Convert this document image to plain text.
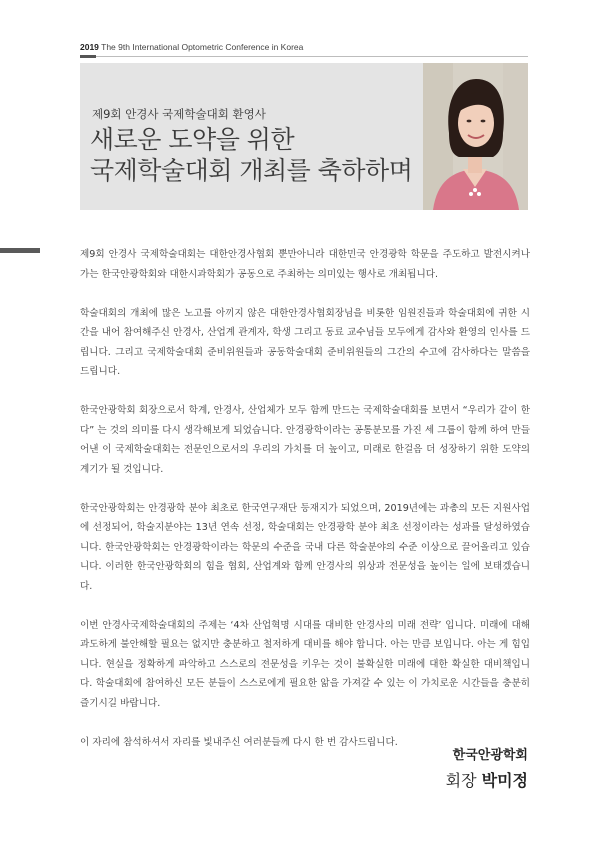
2019 The 9th International Optometric Conference in Korea
제9회 안경사 국제학술대회 환영사
새로운 도약을 위한
국제학술대회 개최를 축하하며

제9회 안경사 국제학술대회는 대한안경사협회 뿐만아니라 대한민국 안경광학 학문을 주도하고 발전시켜나가는 한국안광학회와 대한시과학회가 공동으로 주최하는 의미있는 행사로 개최됩니다.

학술대회의 개최에 많은 노고를 아끼지 않은 대한안경사협회장님을 비롯한 임원진들과 학술대회에 귀한 시간을 내어 참여해주신 안경사, 산업계 관계자, 학생 그리고 동료 교수님들 모두에게 감사와 환영의 인사를 드립니다. 그리고 국제학술대회 준비위원들과 공동학술대회 준비위원들의 그간의 수고에 감사하다는 말씀을 드립니다.

한국안광학회 회장으로서 학계, 안경사, 산업체가 모두 함께 만드는 국제학술대회를 보면서 “우리가 같이 한다” 는 것의 의미를 다시 생각해보게 되었습니다. 안경광학이라는 공통분모를 가진 세 그룹이 함께 하여 만들어낸 이 국제학술대회는 전문인으로서의 우리의 가치를 더 높이고, 미래로 한걸음 더 성장하기 위한 도약의 계기가 될 것입니다.

한국안광학회는 안경광학 분야 최초로 한국연구재단 등재지가 되었으며, 2019년에는 과총의 모든 지원사업에 선정되어, 학술지분야는 13년 연속 선정, 학술대회는 안경광학 분야 최초 선정이라는 성과를 달성하였습니다. 한국안광학회는 안경광학이라는 학문의 수준을 국내 다른 학술분야의 수준 이상으로 끌어올리고 있습니다. 이러한 한국안광학회의 힘을 협회, 산업계와 함께 안경사의 위상과 전문성을 높이는 일에 보태겠습니다.

이번 안경사국제학술대회의 주제는 ‘4차 산업혁명 시대를 대비한 안경사의 미래 전략’ 입니다. 미래에 대해 과도하게 불안해할 필요는 없지만 충분하고 철저하게 대비를 해야 합니다. 아는 만큼 보입니다. 아는 게 힘입니다. 현실을 정확하게 파악하고 스스로의 전문성을 키우는 것이 불확실한 미래에 대한 확실한 대비책입니다. 학술대회에 참여하신 모든 분들이 스스로에게 필요한 앎을 가져갈 수 있는 이 가치로운 시간들을 충분히 즐기시길 바랍니다.

이 자리에 참석하셔서 자리를 빛내주신 여러분들께 다시 한 번 감사드립니다.

한국안광학회
회장 박미정
